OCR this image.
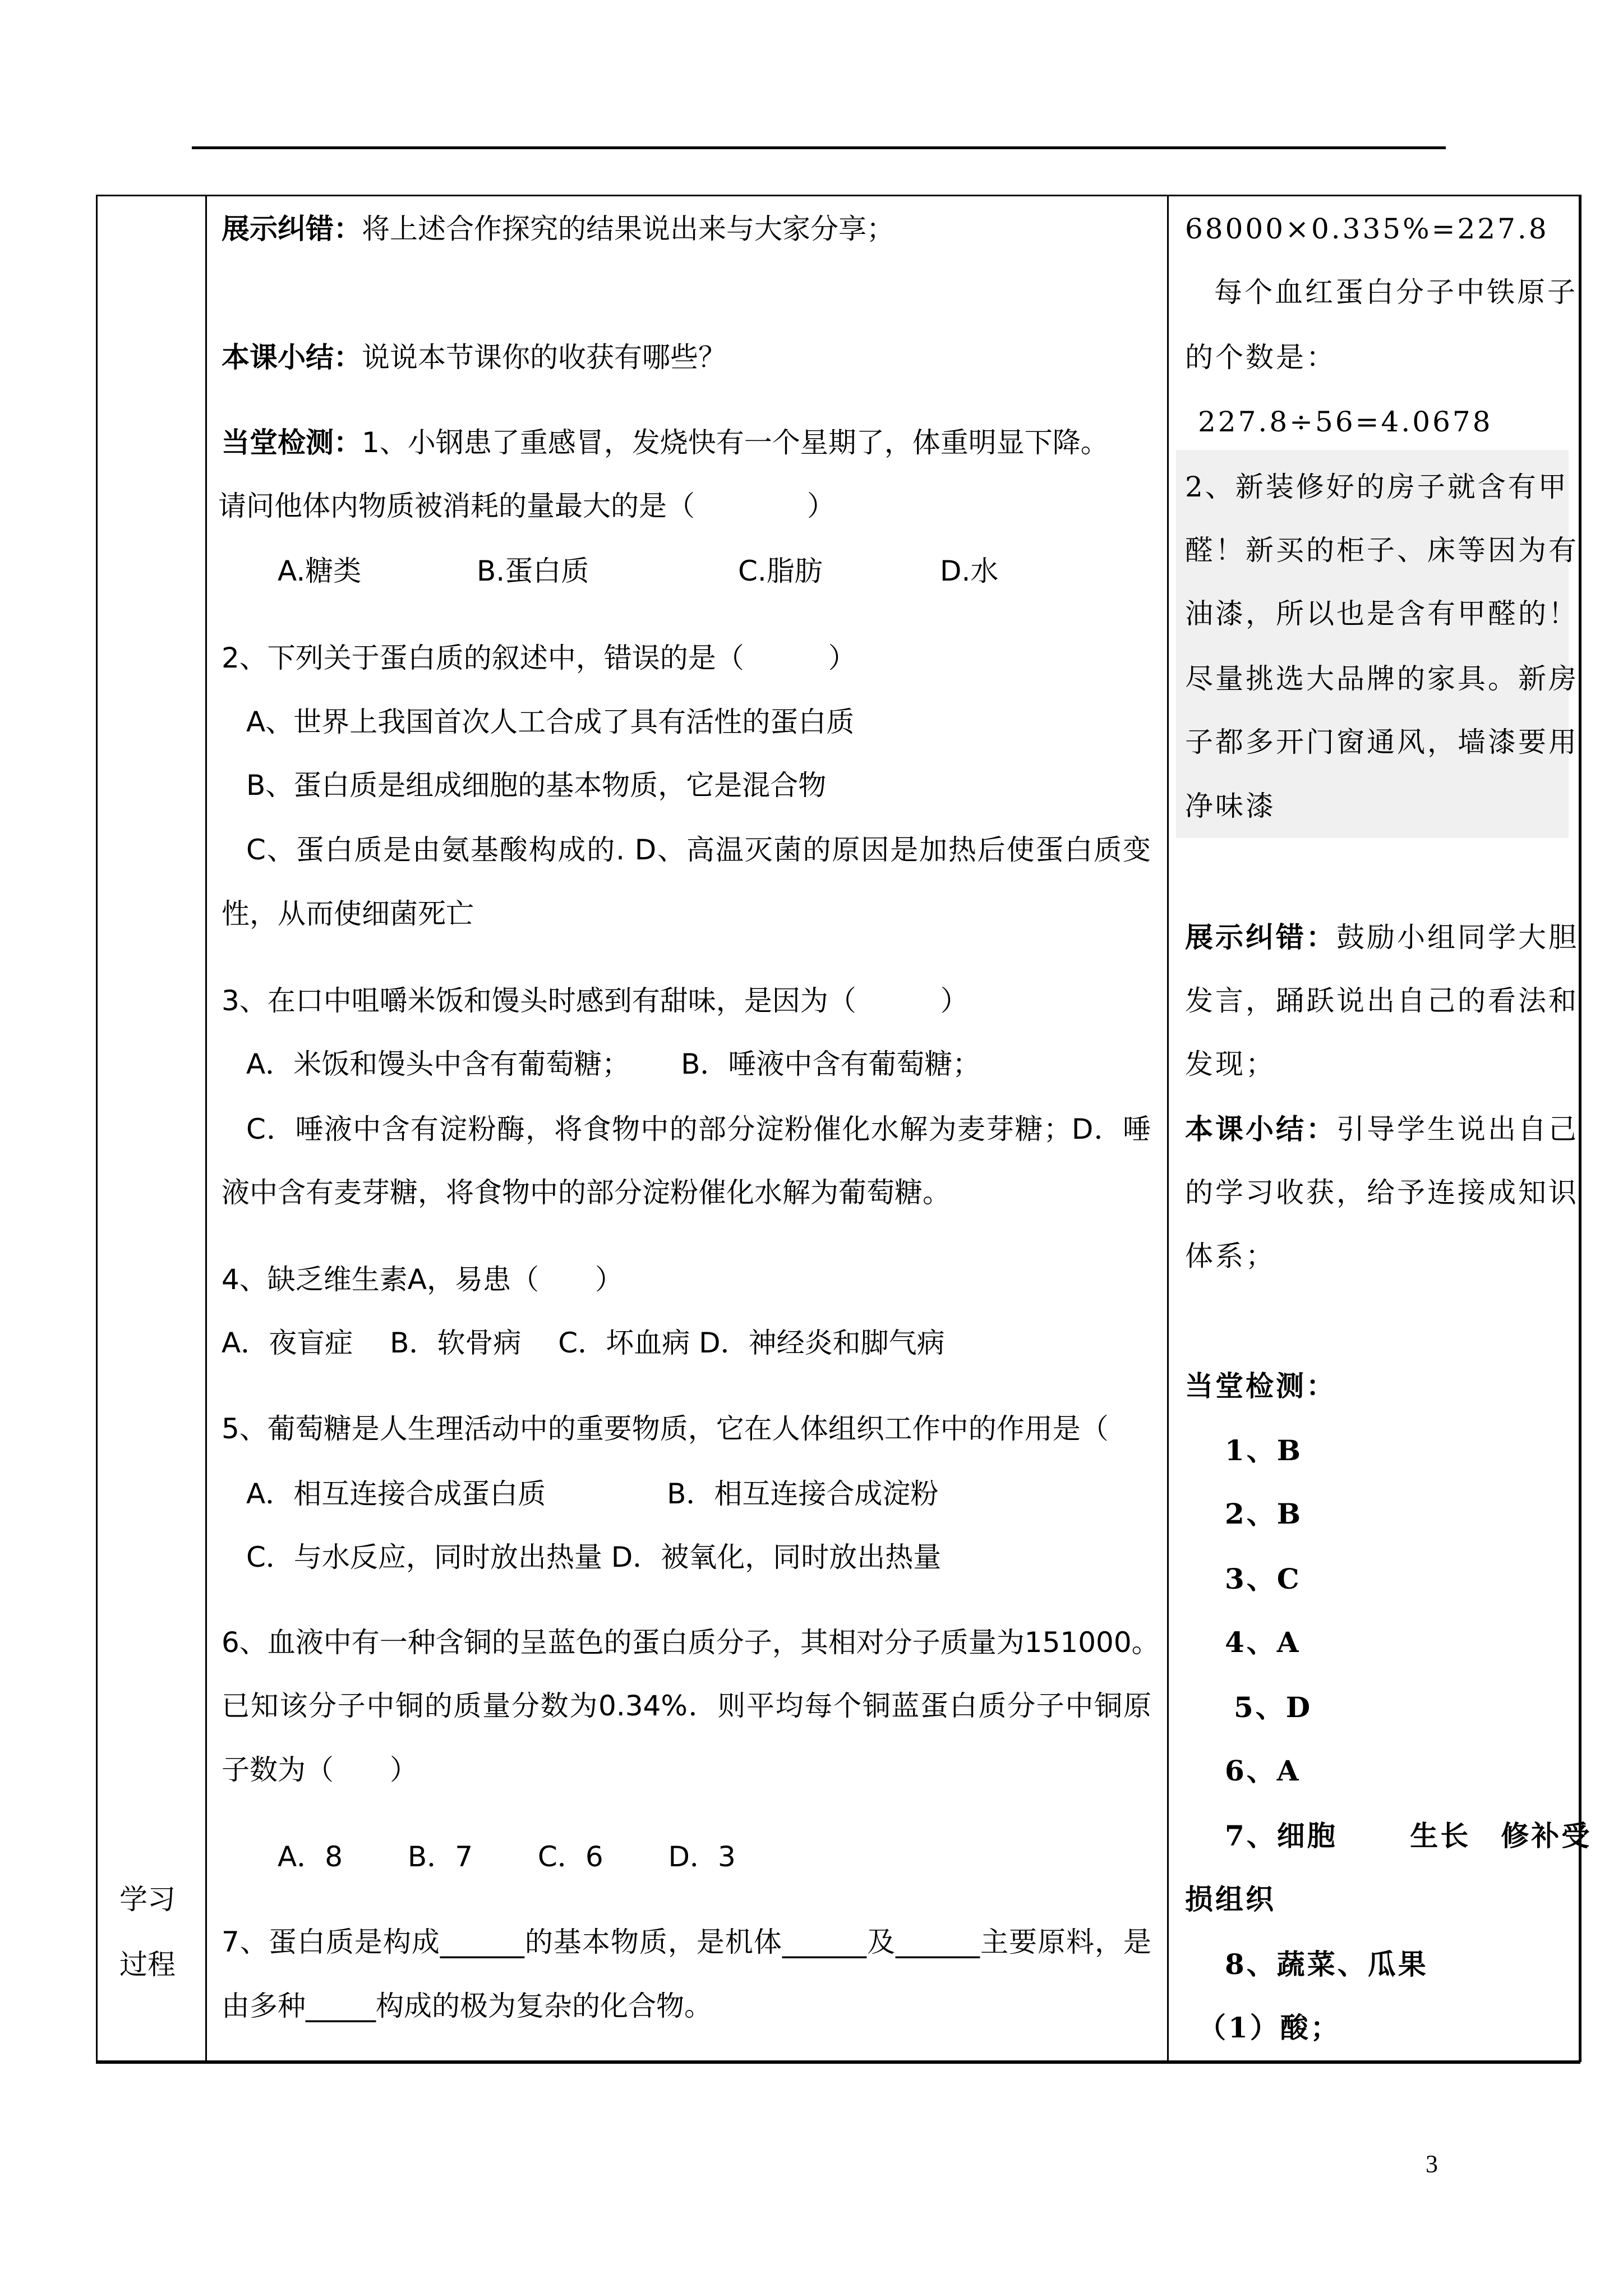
学习
过程
展示纠错：将上述合作探究的结果说出来与大家分享；
本课小结：说说本节课你的收获有哪些？
当堂检测：1、小钢患了重感冒，发烧快有一个星期了，体重明显下降。
请问他体内物质被消耗的量最大的是（　　　　）
A.糖类	B.蛋白质	C.脂肪	D.水
2、下列关于蛋白质的叙述中，错误的是（　　　）
A、世界上我国首次人工合成了具有活性的蛋白质
B、蛋白质是组成细胞的基本物质，它是混合物
C、蛋白质是由氨基酸构成的. D、高温灭菌的原因是加热后使蛋白质变
性，从而使细菌死亡
3、在口中咀嚼米饭和馒头时感到有甜味，是因为（　　　）
A．米饭和馒头中含有葡萄糖；　　 B．唾液中含有葡萄糖；
C．唾液中含有淀粉酶，将食物中的部分淀粉催化水解为麦芽糖；D．唾
液中含有麦芽糖，将食物中的部分淀粉催化水解为葡萄糖。
4、缺乏维生素A，易患（　　）
A．夜盲症　 B．软骨病　 C．坏血病 D．神经炎和脚气病
5、葡萄糖是人生理活动中的重要物质，它在人体组织工作中的作用是（
A．相互连接合成蛋白质　　　　 B．相互连接合成淀粉
C．与水反应，同时放出热量 D．被氧化，同时放出热量
6、血液中有一种含铜的呈蓝色的蛋白质分子，其相对分子质量为151000。
已知该分子中铜的质量分数为0.34%．则平均每个铜蓝蛋白质分子中铜原
子数为（　　）
A．8　　 B．7　　 C．6　　 D．3
7、蛋白质是构成______的基本物质，是机体______及______主要原料，是
由多种_____构成的极为复杂的化合物。
68000×0.335%=227.8
每个血红蛋白分子中铁原子
的个数是：
227.8÷56=4.0678
2、新装修好的房子就含有甲
醛！新买的柜子、床等因为有
油漆，所以也是含有甲醛的！
尽量挑选大品牌的家具。新房
子都多开门窗通风，墙漆要用
净味漆
展示纠错：鼓励小组同学大胆
发言，踊跃说出自己的看法和
发现；
本课小结：引导学生说出自己
的学习收获，给予连接成知识
体系；
当堂检测：
1、B
2、B
3、C
4、A
5、D
6、A
7、细胞　　 生长　修补受
损组织
8、蔬菜、瓜果
（1）酸；
3
